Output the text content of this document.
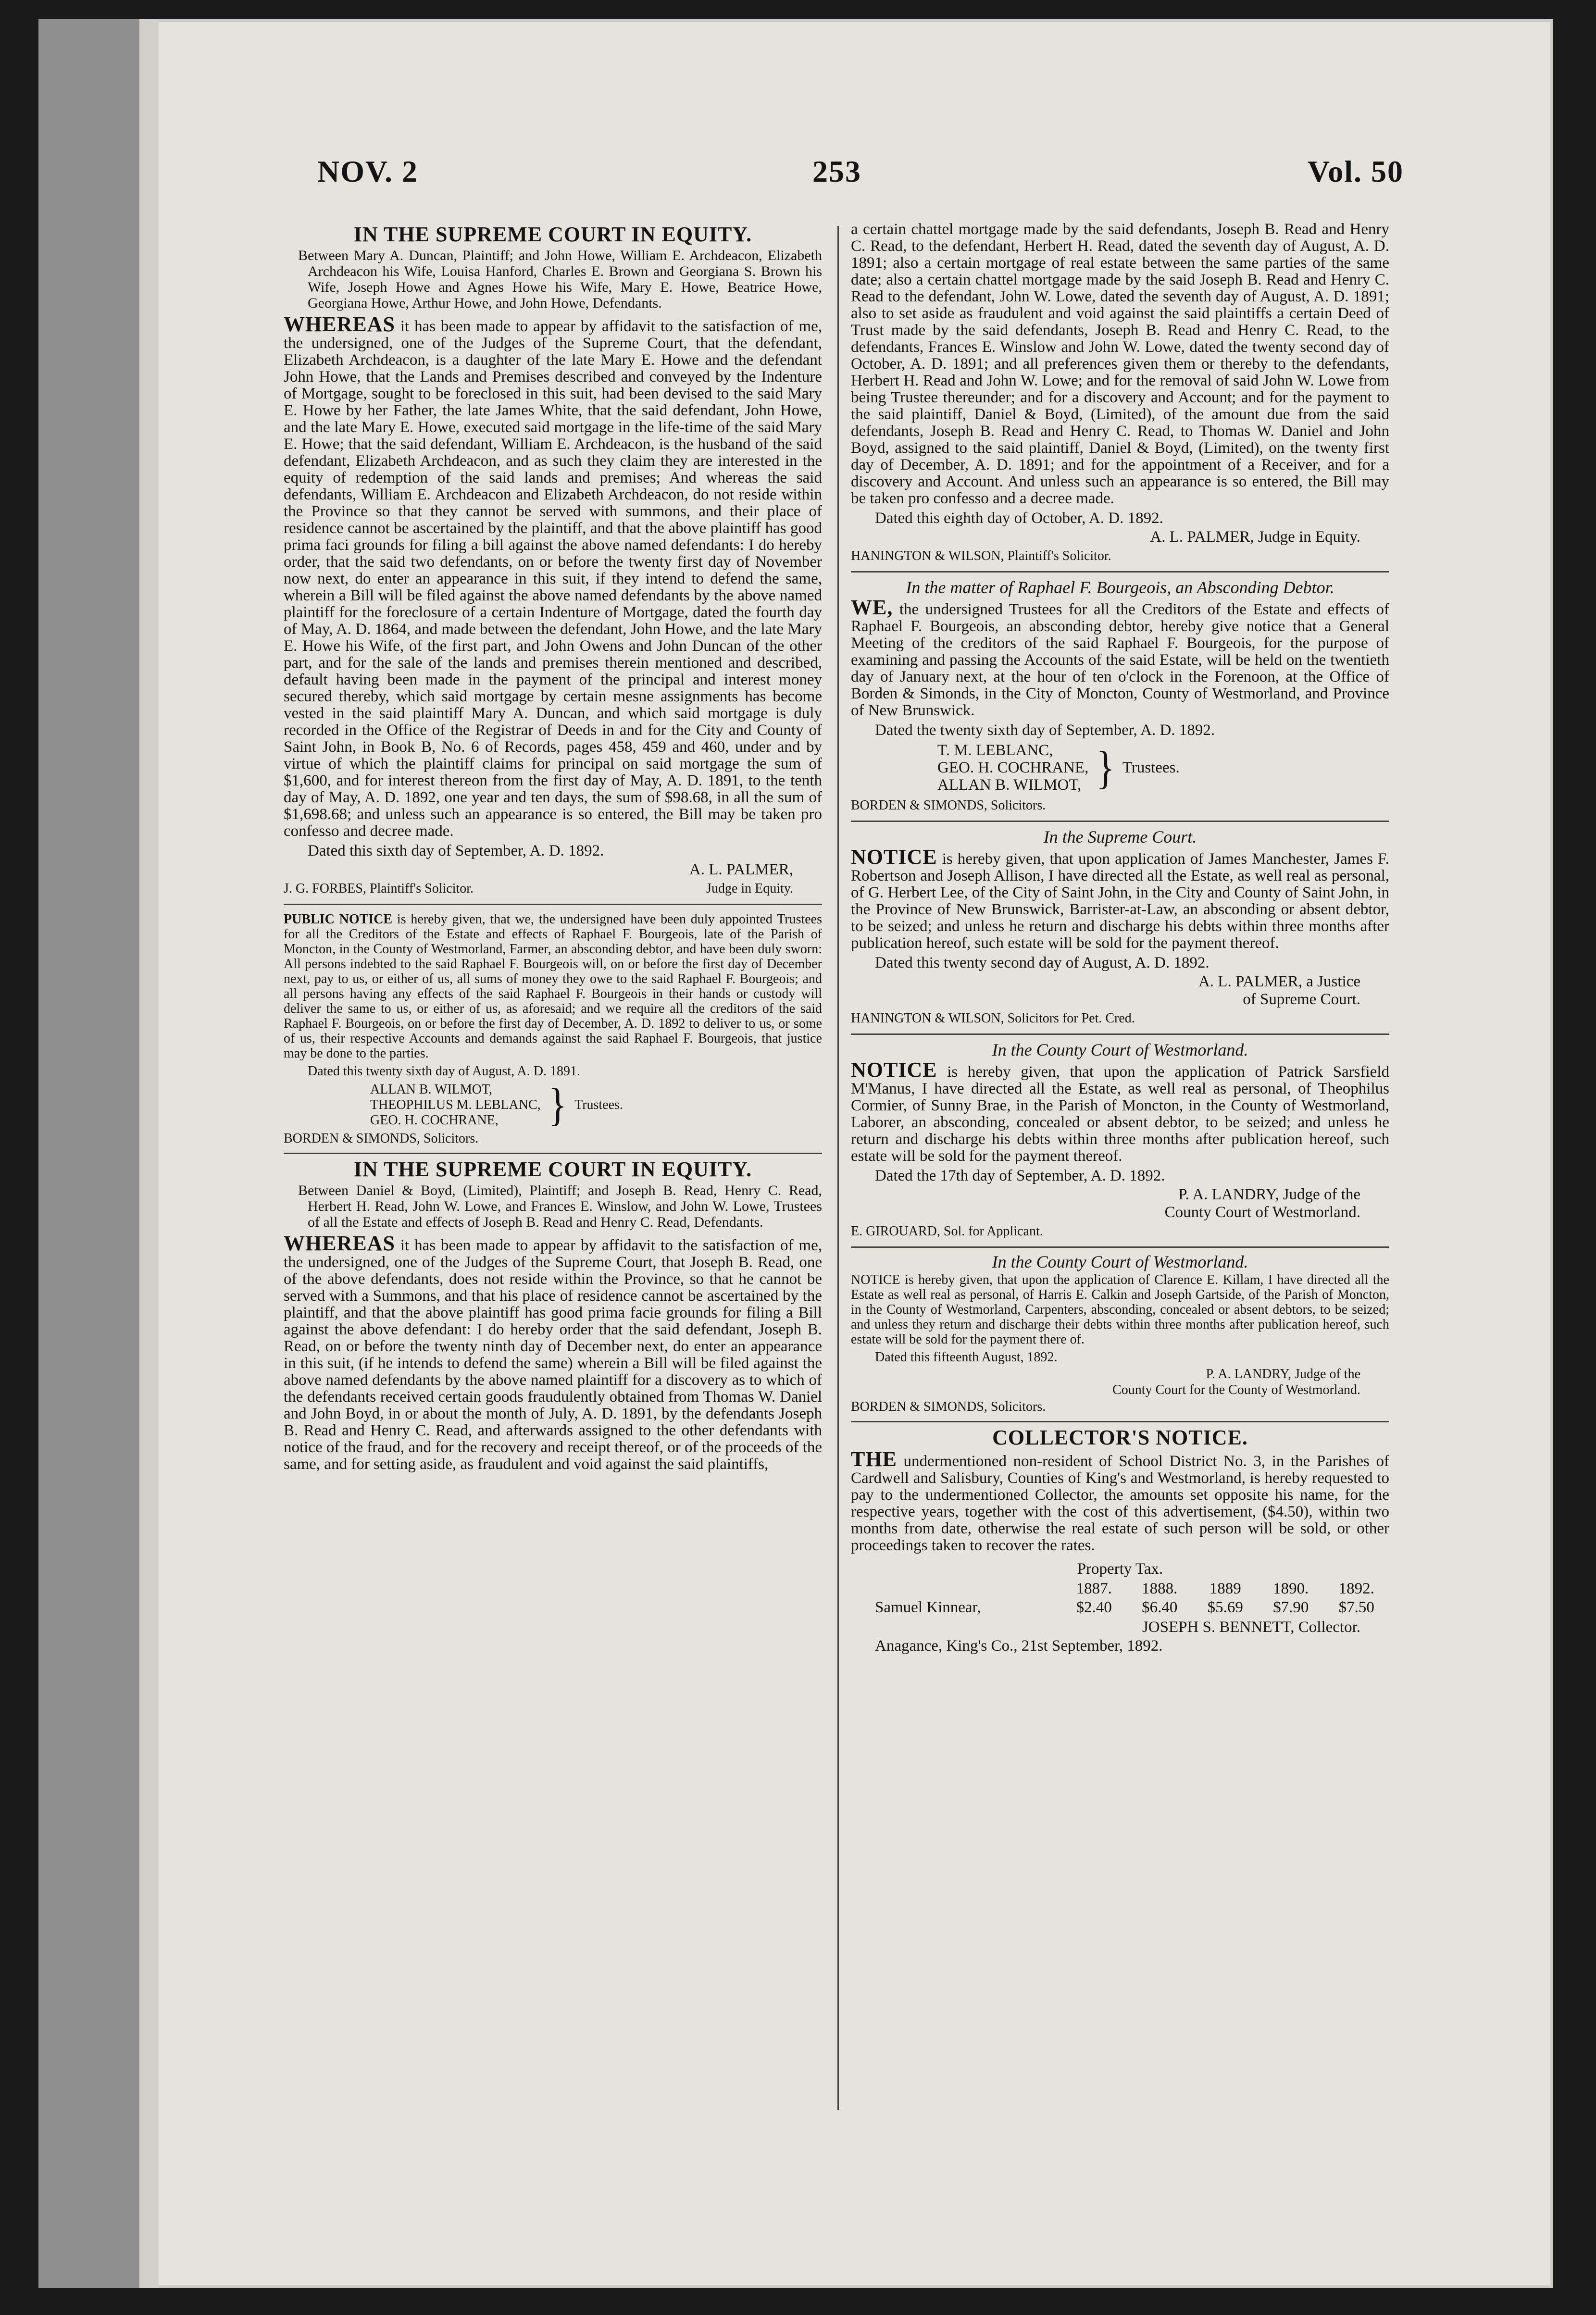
NOV. 2	253	Vol. 50
IN THE SUPREME COURT IN EQUITY.
Between Mary A. Duncan, Plaintiff; and John Howe, William E. Archdeacon, Elizabeth Archdeacon his Wife, Louisa Hanford, Charles E. Brown and Georgiana S. Brown his Wife, Joseph Howe and Agnes Howe his Wife, Mary E. Howe, Beatrice Howe, Georgiana Howe, Arthur Howe, and John Howe, Defendants.

WHEREAS it has been made to appear by affidavit to the satisfaction of me, the undersigned, one of the Judges of the Supreme Court, that the defendant, Elizabeth Archdeacon, is a daughter of the late Mary E. Howe and the defendant John Howe, that the Lands and Premises described and conveyed by the Indenture of Mortgage, sought to be foreclosed in this suit, had been devised to the said Mary E. Howe by her Father, the late James White, that the said defendant, John Howe, and the late Mary E. Howe, executed said mortgage in the life-time of the said Mary E. Howe; that the said defendant, William E. Archdeacon, is the husband of the said defendant, Elizabeth Archdeacon, and as such they claim they are interested in the equity of redemption of the said lands and premises; And whereas the said defendants, William E. Archdeacon and Elizabeth Archdeacon, do not reside within the Province so that they cannot be served with summons, and their place of residence cannot be ascertained by the plaintiff, and that the above plaintiff has good prima faci grounds for filing a bill against the above named defendants: I do hereby order, that the said two defendants, on or before the twenty first day of November now next, do enter an appearance in this suit, if they intend to defend the same, wherein a Bill will be filed against the above named defendants by the above named plaintiff for the foreclosure of a certain Indenture of Mortgage, dated the fourth day of May, A. D. 1864, and made between the defendant, John Howe, and the late Mary E. Howe his Wife, of the first part, and John Owens and John Duncan of the other part, and for the sale of the lands and premises therein mentioned and described, default having been made in the payment of the principal and interest money secured thereby, which said mortgage by certain mesne assignments has become vested in the said plaintiff Mary A. Duncan, and which said mortgage is duly recorded in the Office of the Registrar of Deeds in and for the City and County of Saint John, in Book B, No. 6 of Records, pages 458, 459 and 460, under and by virtue of which the plaintiff claims for principal on said mortgage the sum of $1,600, and for interest thereon from the first day of May, A. D. 1891, to the tenth day of May, A. D. 1892, one year and ten days, the sum of $98.68, in all the sum of $1,698.68; and unless such an appearance is so entered, the Bill may be taken pro confesso and decree made.

Dated this sixth day of September, A. D. 1892.
A. L. PALMER,
J. G. FORBES, Plaintiff's Solicitor.	Judge in Equity.

PUBLIC NOTICE is hereby given, that we, the undersigned have been duly appointed Trustees for all the Creditors of the Estate and effects of Raphael F. Bourgeois, late of the Parish of Moncton, in the County of Westmorland, Farmer, an absconding debtor, and have been duly sworn: All persons indebted to the said Raphael F. Bourgeois will, on or before the first day of December next, pay to us, or either of us, all sums of money they owe to the said Raphael F. Bourgeois; and all persons having any effects of the said Raphael F. Bourgeois in their hands or custody will deliver the same to us, or either of us, as aforesaid; and we require all the creditors of the said Raphael F. Bourgeois, on or before the first day of December, A. D. 1892 to deliver to us, or some of us, their respective Accounts and demands against the said Raphael F. Bourgeois, that justice may be done to the parties.

Dated this twenty sixth day of August, A. D. 1891.
ALLAN B. WILMOT,
THEOPHILUS M. LEBLANC,
GEO. H. COCHRANE,	} Trustees.
BORDEN & SIMONDS, Solicitors.
IN THE SUPREME COURT IN EQUITY.
Between Daniel & Boyd, (Limited), Plaintiff; and Joseph B. Read, Henry C. Read, Herbert H. Read, John W. Lowe, and Frances E. Winslow, and John W. Lowe, Trustees of all the Estate and effects of Joseph B. Read and Henry C. Read, Defendants.

WHEREAS it has been made to appear by affidavit to the satisfaction of me, the undersigned, one of the Judges of the Supreme Court, that Joseph B. Read, one of the above defendants, does not reside within the Province, so that he cannot be served with a Summons, and that his place of residence cannot be ascertained by the plaintiff, and that the above plaintiff has good prima facie grounds for filing a Bill against the above defendant: I do hereby order that the said defendant, Joseph B. Read, on or before the twenty ninth day of December next, do enter an appearance in this suit, (if he intends to defend the same) wherein a Bill will be filed against the above named defendants by the above named plaintiff for a discovery as to which of the defendants received certain goods fraudulently obtained from Thomas W. Daniel and John Boyd, in or about the month of July, A. D. 1891, by the defendants Joseph B. Read and Henry C. Read, and afterwards assigned to the other defendants with notice of the fraud, and for the recovery and receipt thereof, or of the proceeds of the same, and for setting aside, as fraudulent and void against the said plaintiffs,

a certain chattel mortgage made by the said defendants, Joseph B. Read and Henry C. Read, to the defendant, Herbert H. Read, dated the seventh day of August, A. D. 1891; also a certain mortgage of real estate between the same parties of the same date; also a certain chattel mortgage made by the said Joseph B. Read and Henry C. Read to the defendant, John W. Lowe, dated the seventh day of August, A. D. 1891; also to set aside as fraudulent and void against the said plaintiffs a certain Deed of Trust made by the said defendants, Joseph B. Read and Henry C. Read, to the defendants, Frances E. Winslow and John W. Lowe, dated the twenty second day of October, A. D. 1891; and all preferences given them or thereby to the defendants, Herbert H. Read and John W. Lowe; and for the removal of said John W. Lowe from being Trustee thereunder; and for a discovery and Account; and for the payment to the said plaintiff, Daniel & Boyd, (Limited), of the amount due from the said defendants, Joseph B. Read and Henry C. Read, to Thomas W. Daniel and John Boyd, assigned to the said plaintiff, Daniel & Boyd, (Limited), on the twenty first day of December, A. D. 1891; and for the appointment of a Receiver, and for a discovery and Account. And unless such an appearance is so entered, the Bill may be taken pro confesso and a decree made.

Dated this eighth day of October, A. D. 1892.
A. L. PALMER, Judge in Equity.
HANINGTON & WILSON, Plaintiff's Solicitor.
In the matter of Raphael F. Bourgeois, an Absconding Debtor.

WE, the undersigned Trustees for all the Creditors of the Estate and effects of Raphael F. Bourgeois, an absconding debtor, hereby give notice that a General Meeting of the creditors of the said Raphael F. Bourgeois, for the purpose of examining and passing the Accounts of the said Estate, will be held on the twentieth day of January next, at the hour of ten o'clock in the Forenoon, at the Office of Borden & Simonds, in the City of Moncton, County of Westmorland, and Province of New Brunswick.

Dated the twenty sixth day of September, A. D. 1892.
T. M. LEBLANC,
GEO. H. COCHRANE,
ALLAN B. WILMOT, } Trustees.
BORDEN & SIMONDS, Solicitors.
In the Supreme Court.

NOTICE is hereby given, that upon application of James Manchester, James F. Robertson and Joseph Allison, I have directed all the Estate, as well real as personal, of G. Herbert Lee, of the City of Saint John, in the City and County of Saint John, in the Province of New Brunswick, Barrister-at-Law, an absconding or absent debtor, to be seized; and unless he return and discharge his debts within three months after publication hereof, such estate will be sold for the payment thereof.

Dated this twenty second day of August, A. D. 1892.
A. L. PALMER, a Justice
of Supreme Court.
HANINGTON & WILSON, Solicitors for Pet. Cred.
In the County Court of Westmorland.

NOTICE is hereby given, that upon the application of Patrick Sarsfield M'Manus, I have directed all the Estate, as well real as personal, of Theophilus Cormier, of Sunny Brae, in the Parish of Moncton, in the County of Westmorland, Laborer, an absconding, concealed or absent debtor, to be seized; and unless he return and discharge his debts within three months after publication hereof, such estate will be sold for the payment thereof.

Dated the 17th day of September, A. D. 1892.
P. A. LANDRY, Judge of the
County Court of Westmorland.
E. GIROUARD, Sol. for Applicant.
In the County Court of Westmorland.

NOTICE is hereby given, that upon the application of Clarence E. Killam, I have directed all the Estate as well real as personal, of Harris E. Calkin and Joseph Gartside, of the Parish of Moncton, in the County of Westmorland, Carpenters, absconding, concealed or absent debtors, to be seized; and unless they return and discharge their debts within three months after publication hereof, such estate will be sold for the payment there of.

Dated this fifteenth August, 1892.
P. A. LANDRY, Judge of the
County Court for the County of Westmorland.
BORDEN & SIMONDS, Solicitors.
COLLECTOR'S NOTICE.

THE undermentioned non-resident of School District No. 3, in the Parishes of Cardwell and Salisbury, Counties of King's and Westmorland, is hereby requested to pay to the undermentioned Collector, the amounts set opposite his name, for the respective years, together with the cost of this advertisement, ($4.50), within two months from date, otherwise the real estate of such person will be sold, or other proceedings taken to recover the rates.

Property Tax.
	1887.	1888.	1889	1890.	1892.
Samuel Kinnear,	$2.40	$6.40	$5.69	$7.90	$7.50
JOSEPH S. BENNETT, Collector.
Anagance, King's Co., 21st September, 1892.
